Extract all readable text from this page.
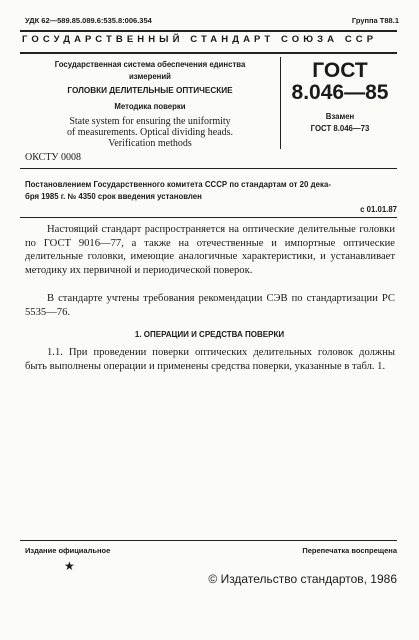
УДК 62—589.85.089.6:535.8:006.354	Группа Т88.1
ГОСУДАРСТВЕННЫЙ СТАНДАРТ СОЮЗА ССР
Государственная система обеспечения единства
измерений
ГОЛОВКИ ДЕЛИТЕЛЬНЫЕ ОПТИЧЕСКИЕ
Методика поверки
State system for ensuring the uniformity
of measurements. Optical dividing heads.
Verification methods
ОКСТУ 0008
ГОСТ
8.046—85
Взамен
ГОСТ 8.046—73
Постановлением Государственного комитета СССР по стандартам от 20 дека-
бря 1985 г. № 4350 срок введения установлен
с 01.01.87
Настоящий стандарт распространяется на оптические делительные головки по ГОСТ 9016—77, а также на отечественные и импортные оптические делительные головки, имеющие аналогичные характеристики, и устанавливает методику их первичной и периодической поверок.
В стандарте учтены требования рекомендации СЭВ по стандартизации РС 5535—76.
1. ОПЕРАЦИИ И СРЕДСТВА ПОВЕРКИ
1.1. При проведении поверки оптических делительных головок должны быть выполнены операции и применены средства поверки, указанные в табл. 1.
Издание официальное	Перепечатка воспрещена
★
© Издательство стандартов, 1986
